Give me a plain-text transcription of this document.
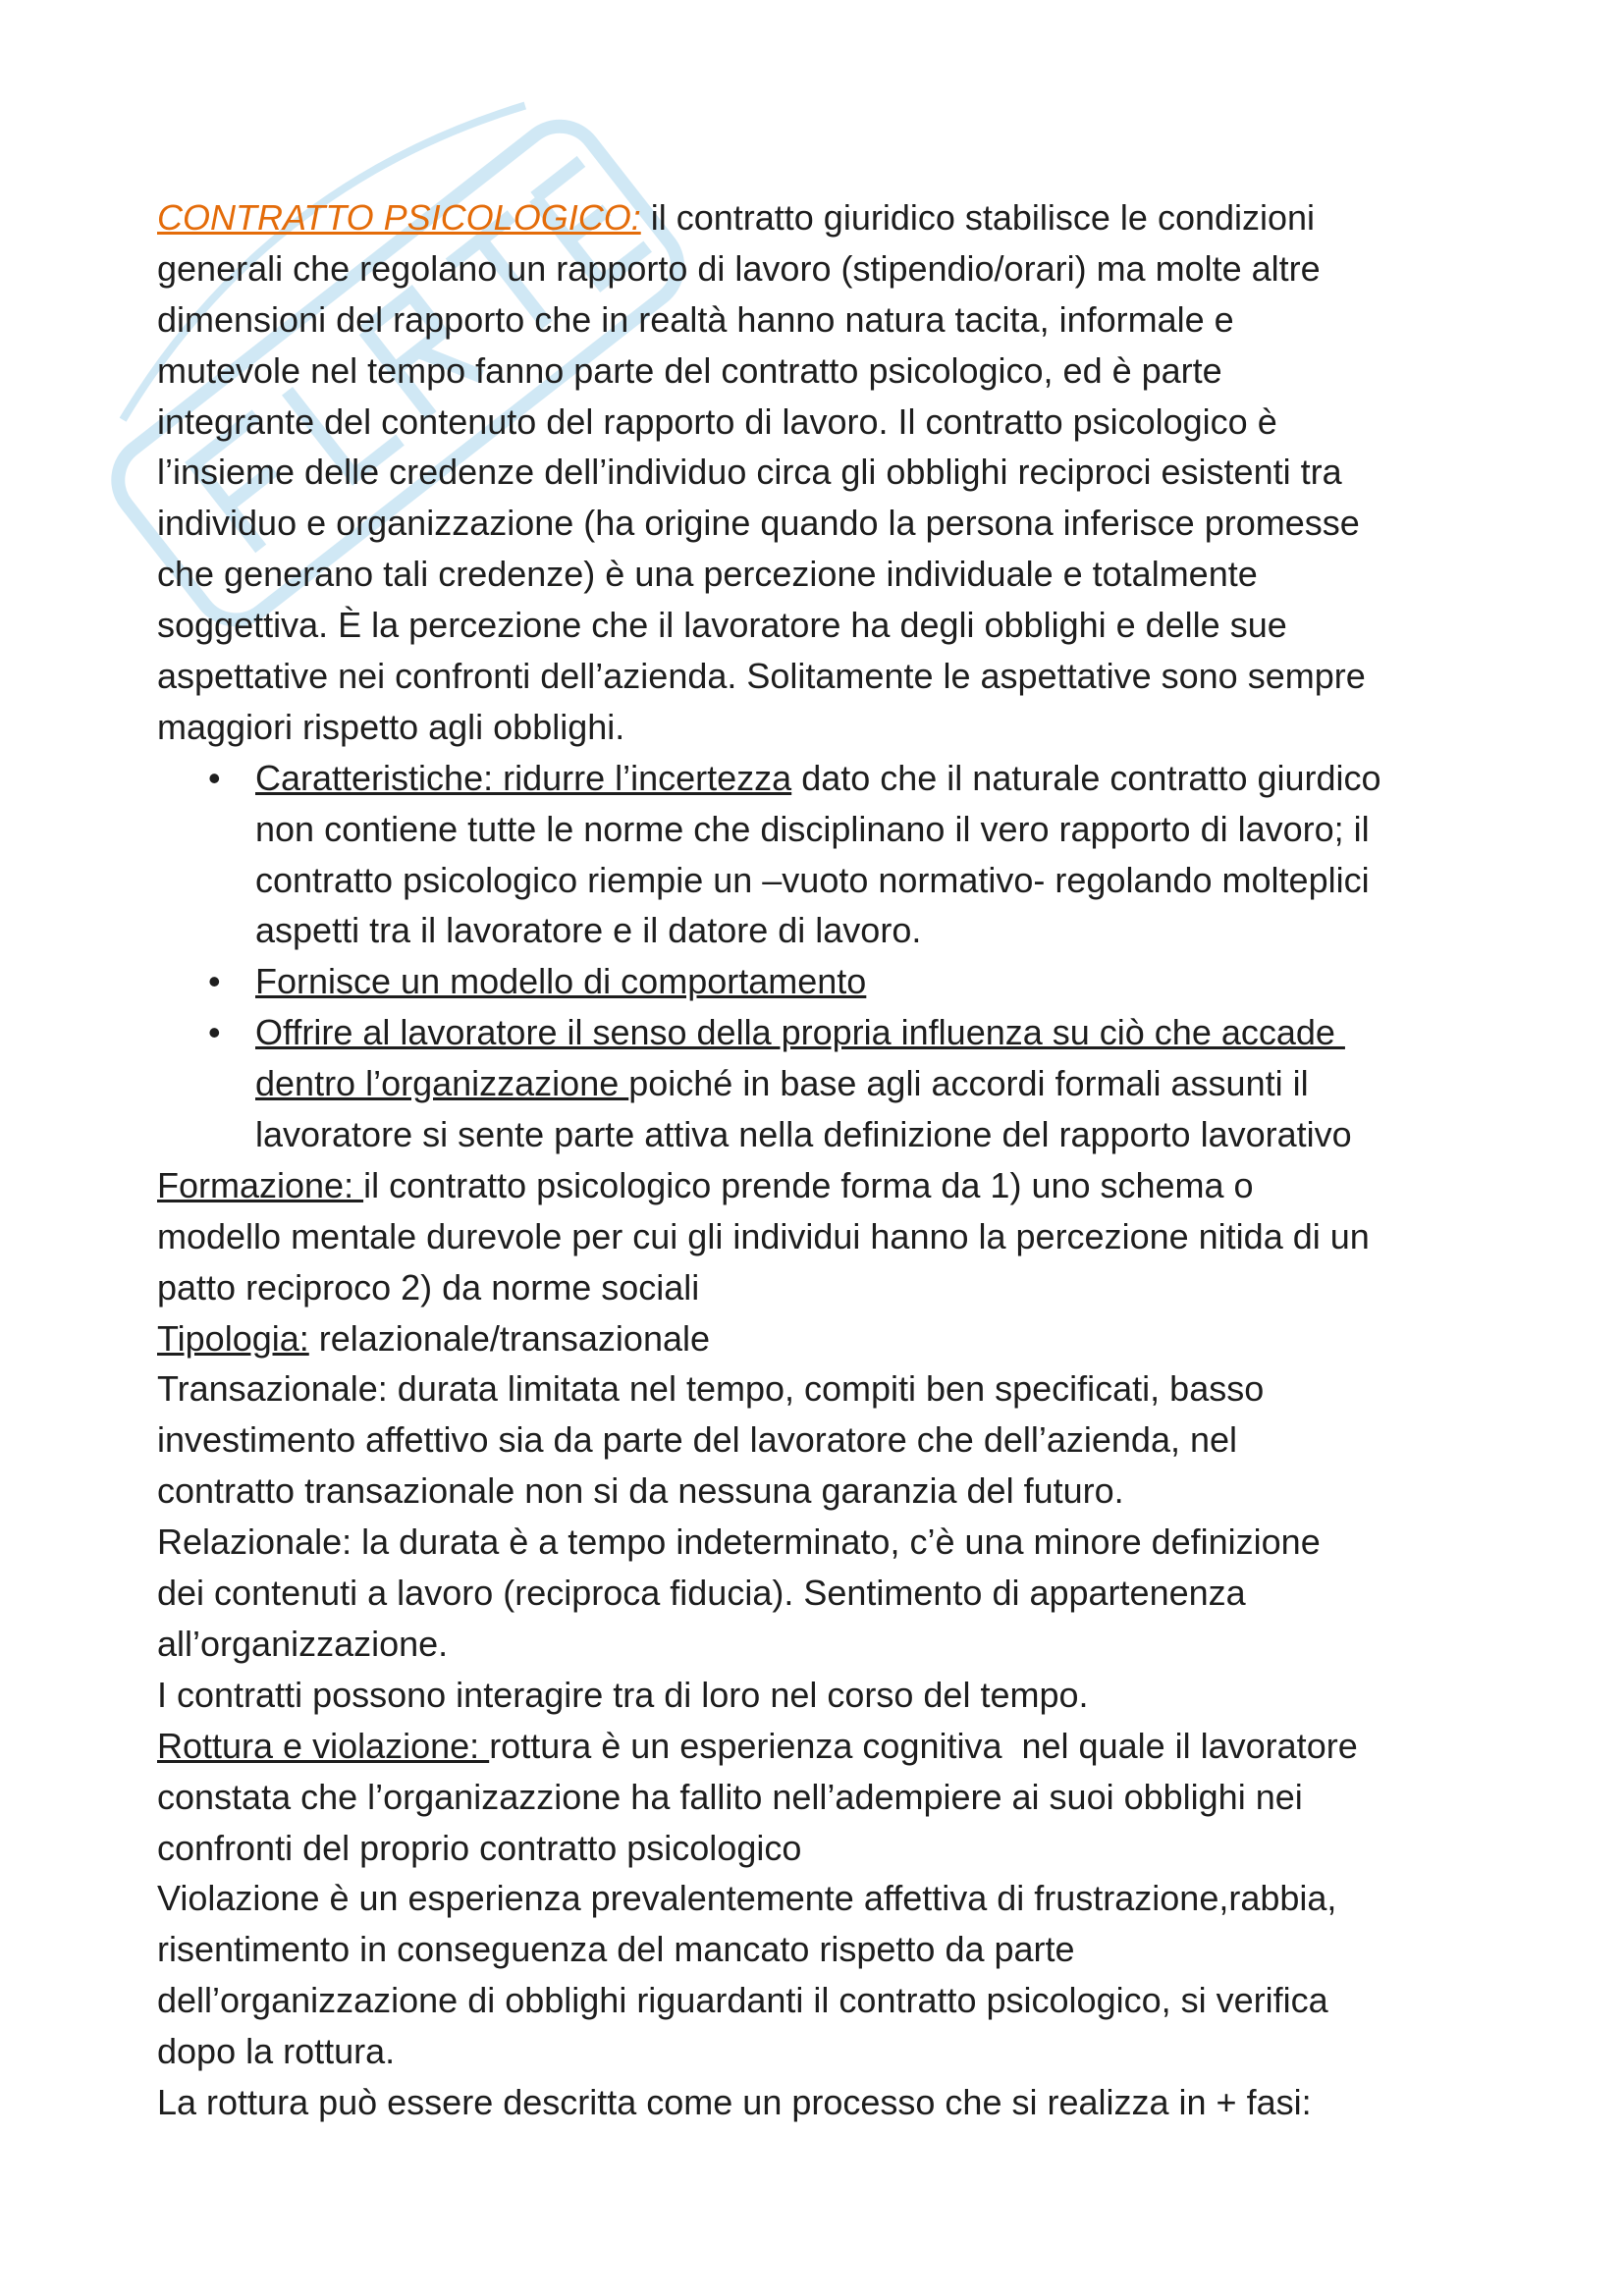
CONTRATTO PSICOLOGICO: il contratto giuridico stabilisce le condizioni
generali che regolano un rapporto di lavoro (stipendio/orari) ma molte altre
dimensioni del rapporto che in realtà hanno natura tacita, informale e
mutevole nel tempo fanno parte del contratto psicologico, ed è parte
integrante del contenuto del rapporto di lavoro. Il contratto psicologico è
l’insieme delle credenze dell’individuo circa gli obblighi reciproci esistenti tra
individuo e organizzazione (ha origine quando la persona inferisce promesse
che generano tali credenze) è una percezione individuale e totalmente
soggettiva. È la percezione che il lavoratore ha degli obblighi e delle sue
aspettative nei confronti dell’azienda. Solitamente le aspettative sono sempre
maggiori rispetto agli obblighi.
• Caratteristiche: ridurre l’incertezza dato che il naturale contratto giurdico
non contiene tutte le norme che disciplinano il vero rapporto di lavoro; il
contratto psicologico riempie un –vuoto normativo- regolando molteplici
aspetti tra il lavoratore e il datore di lavoro.
• Fornisce un modello di comportamento
• Offrire al lavoratore il senso della propria influenza su ciò che accade
dentro l’organizzazione poiché in base agli accordi formali assunti il
lavoratore si sente parte attiva nella definizione del rapporto lavorativo
Formazione: il contratto psicologico prende forma da 1) uno schema o
modello mentale durevole per cui gli individui hanno la percezione nitida di un
patto reciproco 2) da norme sociali
Tipologia: relazionale/transazionale
Transazionale: durata limitata nel tempo, compiti ben specificati, basso
investimento affettivo sia da parte del lavoratore che dell’azienda, nel
contratto transazionale non si da nessuna garanzia del futuro.
Relazionale: la durata è a tempo indeterminato, c’è una minore definizione
dei contenuti a lavoro (reciproca fiducia). Sentimento di appartenenza
all’organizzazione.
I contratti possono interagire tra di loro nel corso del tempo.
Rottura e violazione: rottura è un esperienza cognitiva  nel quale il lavoratore
constata che l’organizazzione ha fallito nell’adempiere ai suoi obblighi nei
confronti del proprio contratto psicologico
Violazione è un esperienza prevalentemente affettiva di frustrazione,rabbia,
risentimento in conseguenza del mancato rispetto da parte
dell’organizzazione di obblighi riguardanti il contratto psicologico, si verifica
dopo la rottura.
La rottura può essere descritta come un processo che si realizza in + fasi:
